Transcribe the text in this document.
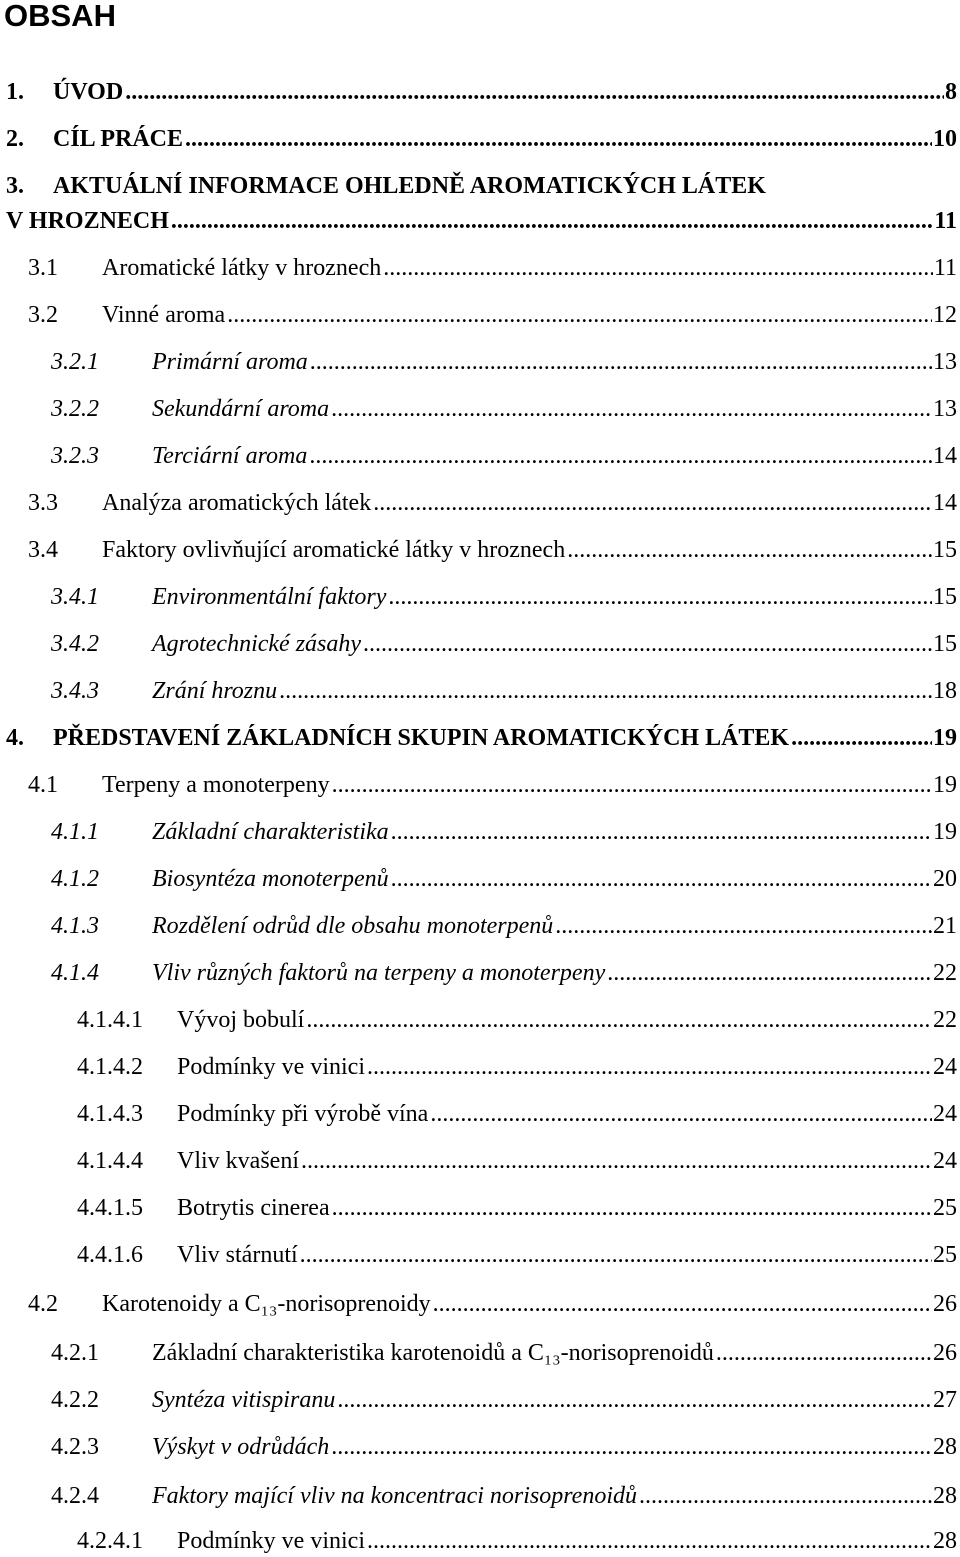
OBSAH
1.	ÚVOD . . .	8
2.	CÍL PRÁCE . . .	10
3.	AKTUÁLNÍ INFORMACE OHLEDNĚ AROMATICKÝCH LÁTEK
V HROZNECH . . .	11
3.1	Aromatické látky v hroznech . . .	11
3.2	Vinné aroma . . .	12
3.2.1	Primární aroma . . .	13
3.2.2	Sekundární aroma . . .	13
3.2.3	Terciární aroma . . .	14
3.3	Analýza aromatických látek . . .	14
3.4	Faktory ovlivňující aromatické látky v hroznech . . .	15
3.4.1	Environmentální faktory . . .	15
3.4.2	Agrotechnické zásahy . . .	15
3.4.3	Zrání hroznu . . .	18
4.	PŘEDSTAVENÍ ZÁKLADNÍCH SKUPIN AROMATICKÝCH LÁTEK . . .	19
4.1	Terpeny a monoterpeny . . .	19
4.1.1	Základní charakteristika . . .	19
4.1.2	Biosyntéza monoterpenů . . .	20
4.1.3	Rozdělení odrůd dle obsahu monoterpenů . . .	21
4.1.4	Vliv různých faktorů na terpeny a monoterpeny . . .	22
4.1.4.1	Vývoj bobulí . . .	22
4.1.4.2	Podmínky ve vinici . . .	24
4.1.4.3	Podmínky při výrobě vína . . .	24
4.1.4.4	Vliv kvašení . . .	24
4.4.1.5	Botrytis cinerea . . .	25
4.4.1.6	Vliv stárnutí . . .	25
4.2	Karotenoidy a C₁₃-norisoprenoidy . . .	26
4.2.1	Základní charakteristika karotenoidů a C₁₃-norisoprenoidů . . .	26
4.2.2	Syntéza vitispiranu . . .	27
4.2.3	Výskyt v odrůdách . . .	28
4.2.4	Faktory mající vliv na koncentraci norisoprenoidů . . .	28
4.2.4.1	Podmínky ve vinici . . .	28
